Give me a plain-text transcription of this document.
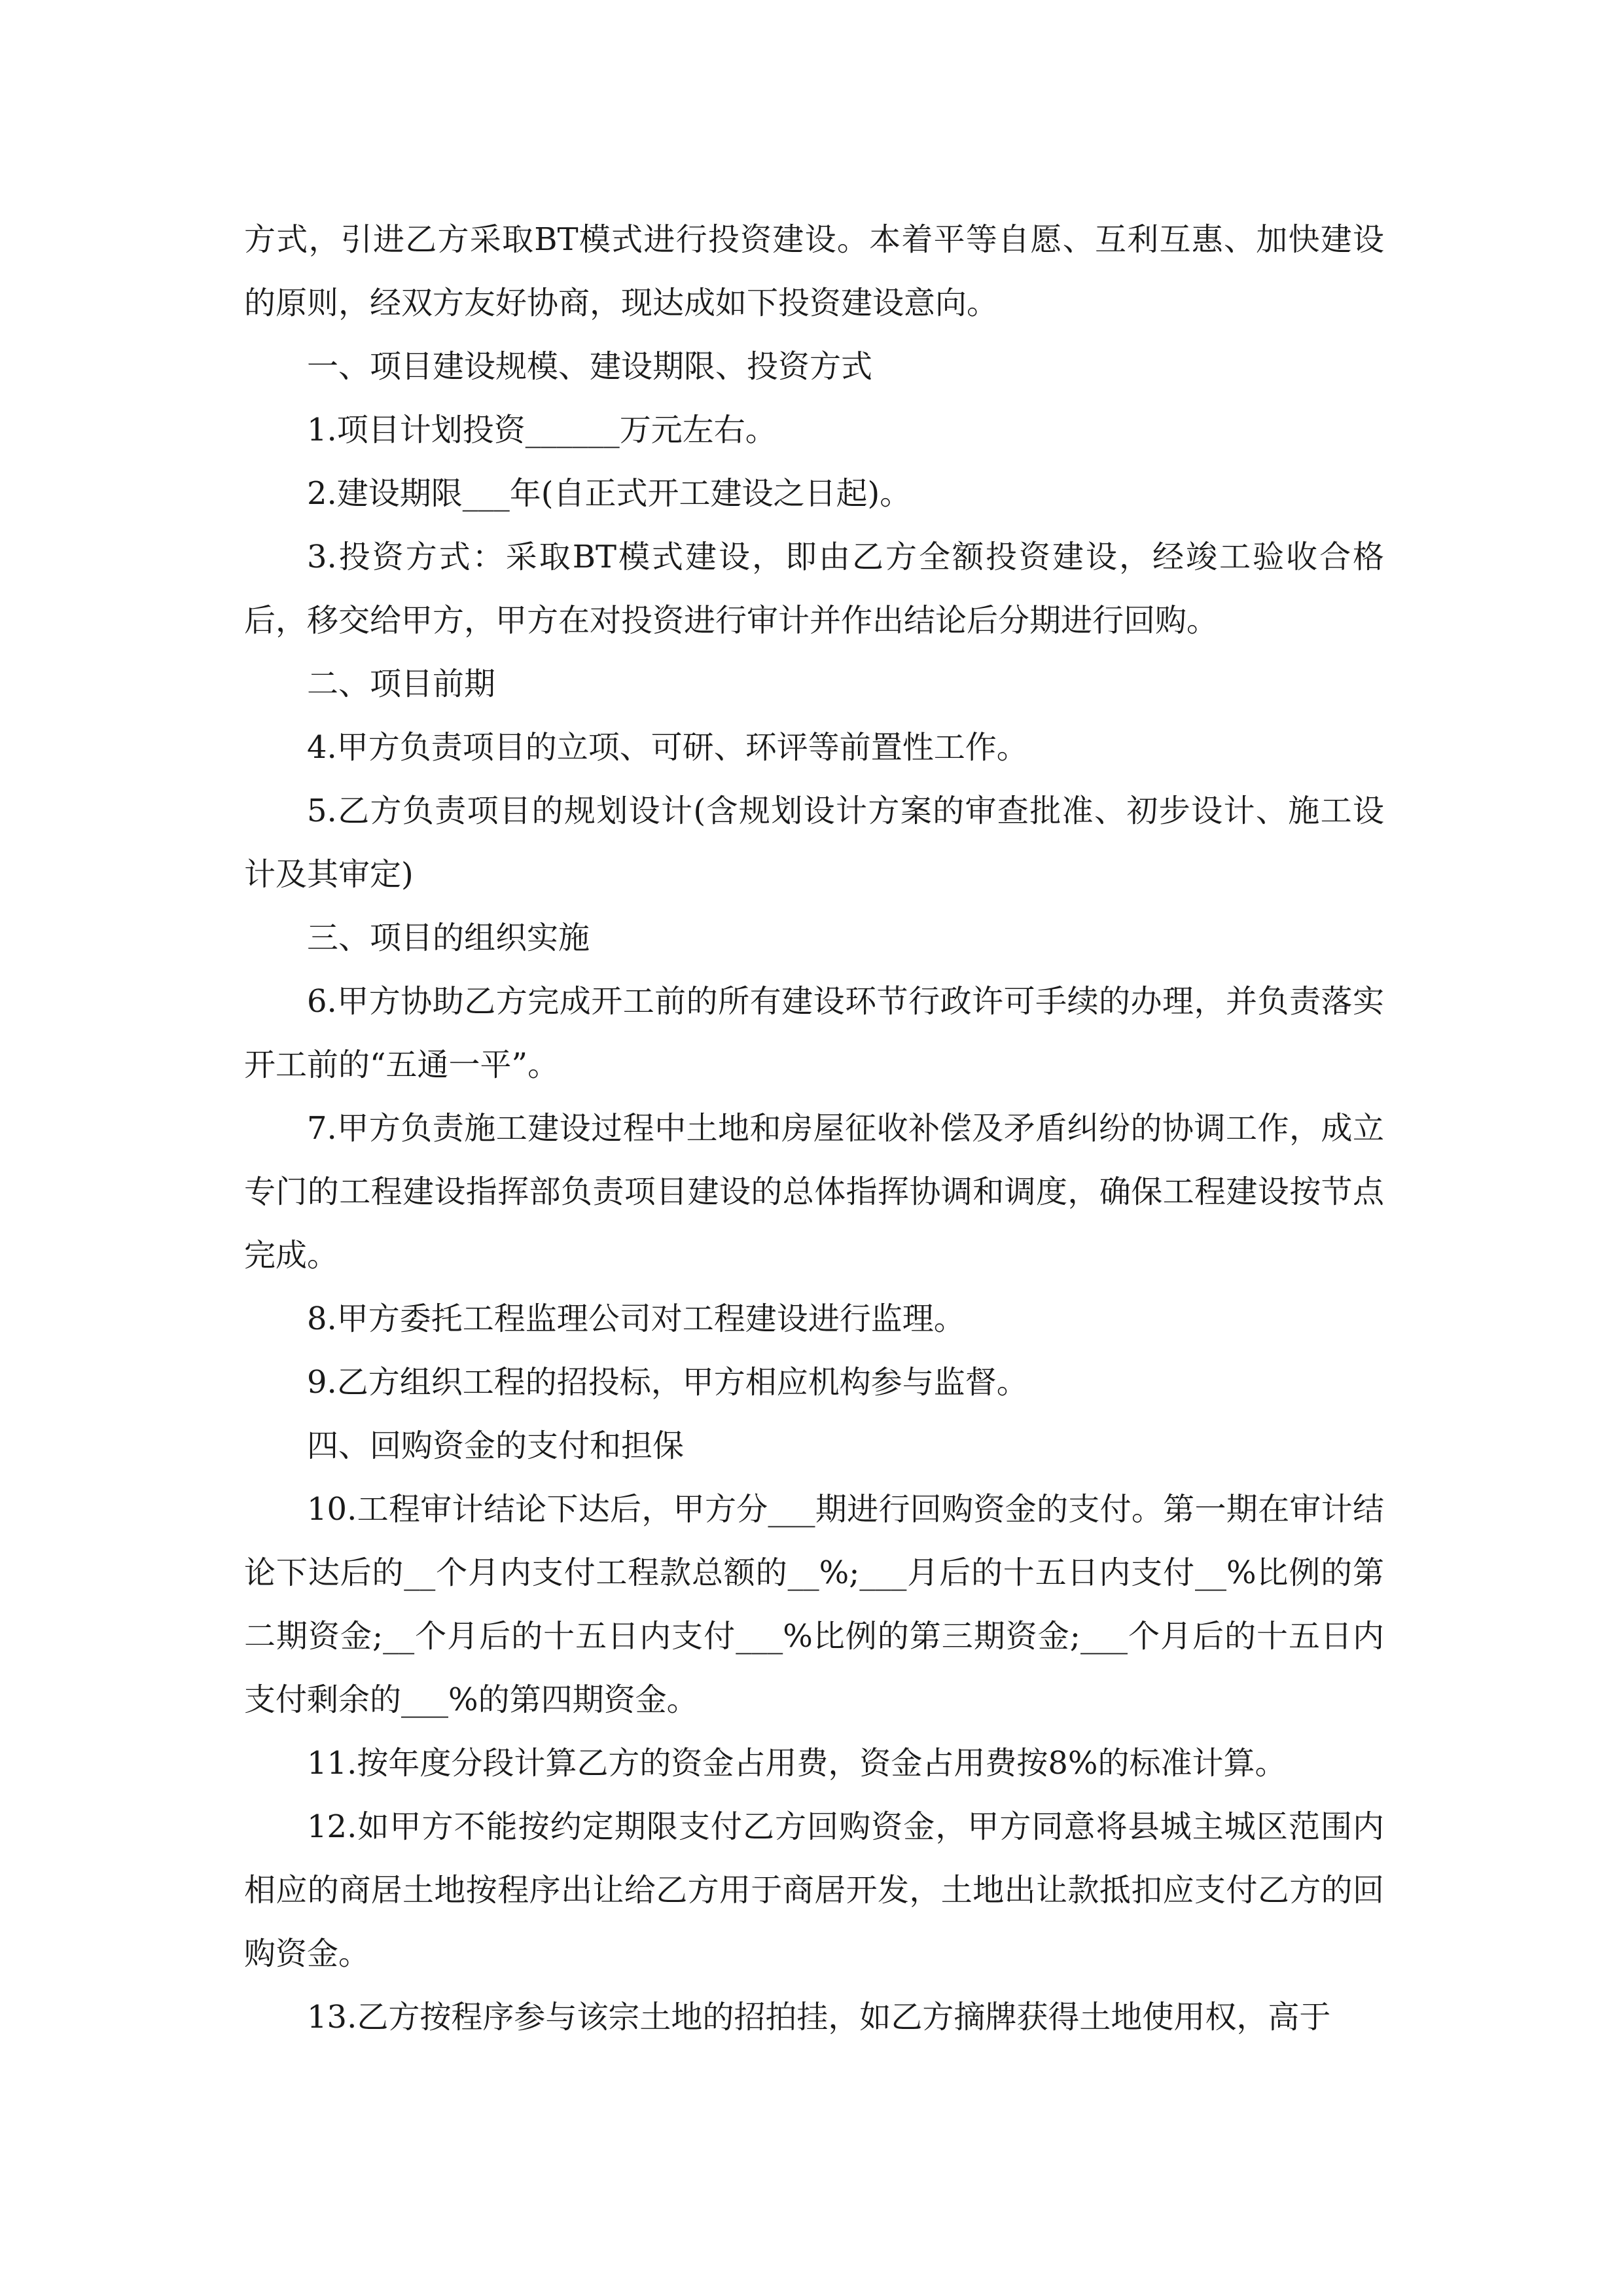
方式，引进乙方采取BT模式进行投资建设。本着平等自愿、互利互惠、加快建设的原则，经双方友好协商，现达成如下投资建设意向。

一、项目建设规模、建设期限、投资方式

1.项目计划投资______万元左右。

2.建设期限___年(自正式开工建设之日起)。

3.投资方式：采取BT模式建设，即由乙方全额投资建设，经竣工验收合格后，移交给甲方，甲方在对投资进行审计并作出结论后分期进行回购。

二、项目前期

4.甲方负责项目的立项、可研、环评等前置性工作。

5.乙方负责项目的规划设计(含规划设计方案的审查批准、初步设计、施工设计及其审定)

三、项目的组织实施

6.甲方协助乙方完成开工前的所有建设环节行政许可手续的办理，并负责落实开工前的“五通一平”。

7.甲方负责施工建设过程中土地和房屋征收补偿及矛盾纠纷的协调工作，成立专门的工程建设指挥部负责项目建设的总体指挥协调和调度，确保工程建设按节点完成。

8.甲方委托工程监理公司对工程建设进行监理。

9.乙方组织工程的招投标，甲方相应机构参与监督。

四、回购资金的支付和担保

10.工程审计结论下达后，甲方分___期进行回购资金的支付。第一期在审计结论下达后的__个月内支付工程款总额的__%;___月后的十五日内支付__%比例的第二期资金;__个月后的十五日内支付___%比例的第三期资金;___个月后的十五日内支付剩余的___%的第四期资金。

11.按年度分段计算乙方的资金占用费，资金占用费按8%的标准计算。

12.如甲方不能按约定期限支付乙方回购资金，甲方同意将县城主城区范围内相应的商居土地按程序出让给乙方用于商居开发，土地出让款抵扣应支付乙方的回购资金。

13.乙方按程序参与该宗土地的招拍挂，如乙方摘牌获得土地使用权，高于
